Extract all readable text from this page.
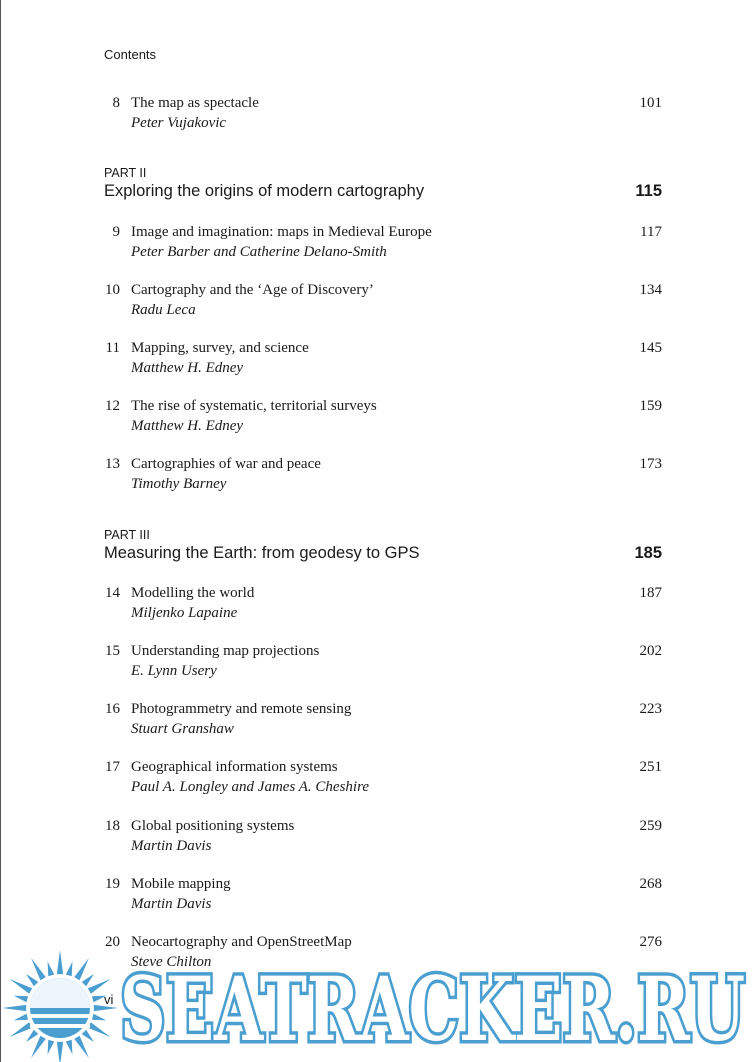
Contents
8 The map as spectacle
Peter Vujakovic
101
PART II
Exploring the origins of modern cartography	115
9 Image and imagination: maps in Medieval Europe
Peter Barber and Catherine Delano-Smith
117
10 Cartography and the ‘Age of Discovery’
Radu Leca
134
11 Mapping, survey, and science
Matthew H. Edney
145
12 The rise of systematic, territorial surveys
Matthew H. Edney
159
13 Cartographies of war and peace
Timothy Barney
173
PART III
Measuring the Earth: from geodesy to GPS	185
14 Modelling the world
Miljenko Lapaine
187
15 Understanding map projections
E. Lynn Usery
202
16 Photogrammetry and remote sensing
Stuart Granshaw
223
17 Geographical information systems
Paul A. Longley and James A. Cheshire
251
18 Global positioning systems
Martin Davis
259
19 Mobile mapping
Martin Davis
268
20 Neocartography and OpenStreetMap
Steve Chilton
276
vi SEATRACKER.RU
